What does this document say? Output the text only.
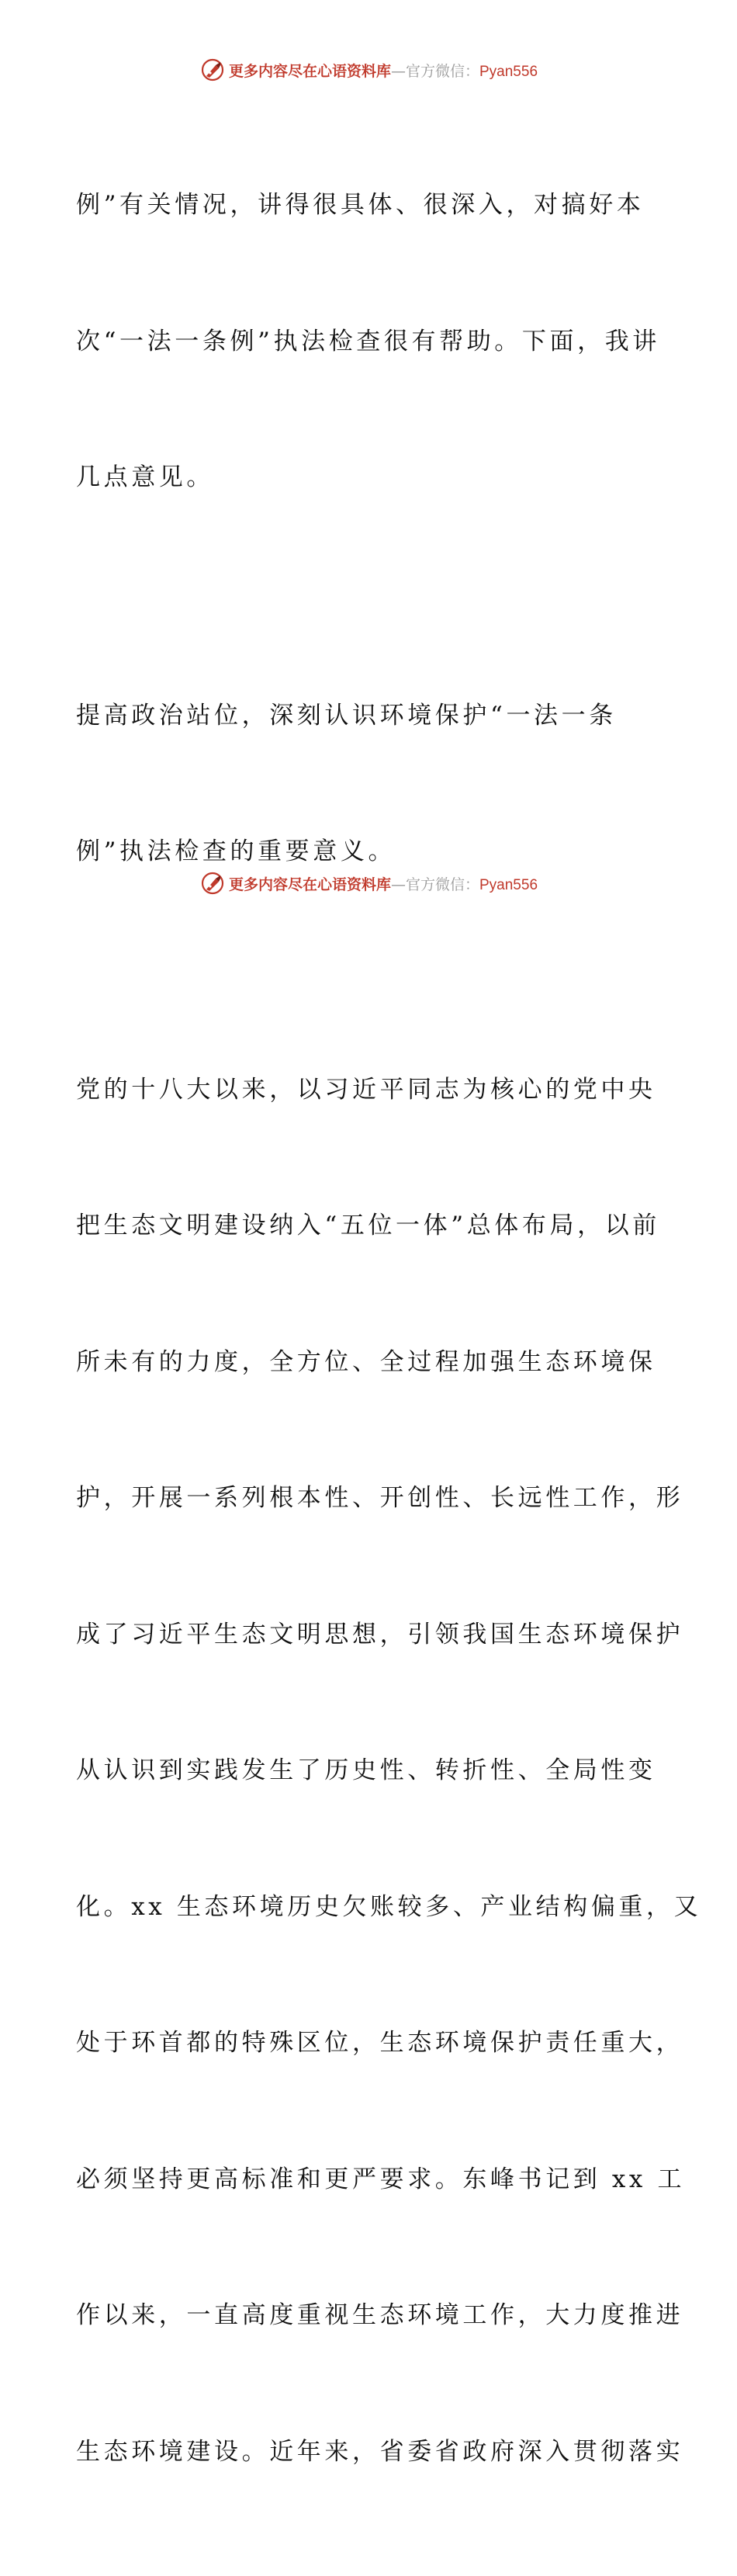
更多内容尽在心语资料库—官方微信：Pyan556

例”有关情况，讲得很具体、很深入，对搞好本

次“一法一条例”执法检查很有帮助。下面，我讲

几点意见。

提高政治站位，深刻认识环境保护“一法一条

例”执法检查的重要意义。

党的十八大以来，以习近平同志为核心的党中央

把生态文明建设纳入“五位一体”总体布局，以前

所未有的力度，全方位、全过程加强生态环境保

护，开展一系列根本性、开创性、长远性工作，形

成了习近平生态文明思想，引领我国生态环境保护

从认识到实践发生了历史性、转折性、全局性变

化。xx 生态环境历史欠账较多、产业结构偏重，又

处于环首都的特殊区位，生态环境保护责任重大，

必须坚持更高标准和更严要求。东峰书记到 xx 工

作以来，一直高度重视生态环境工作，大力度推进

生态环境建设。近年来，省委省政府深入贯彻落实

更多内容尽在心语资料库—官方微信：Pyan556
